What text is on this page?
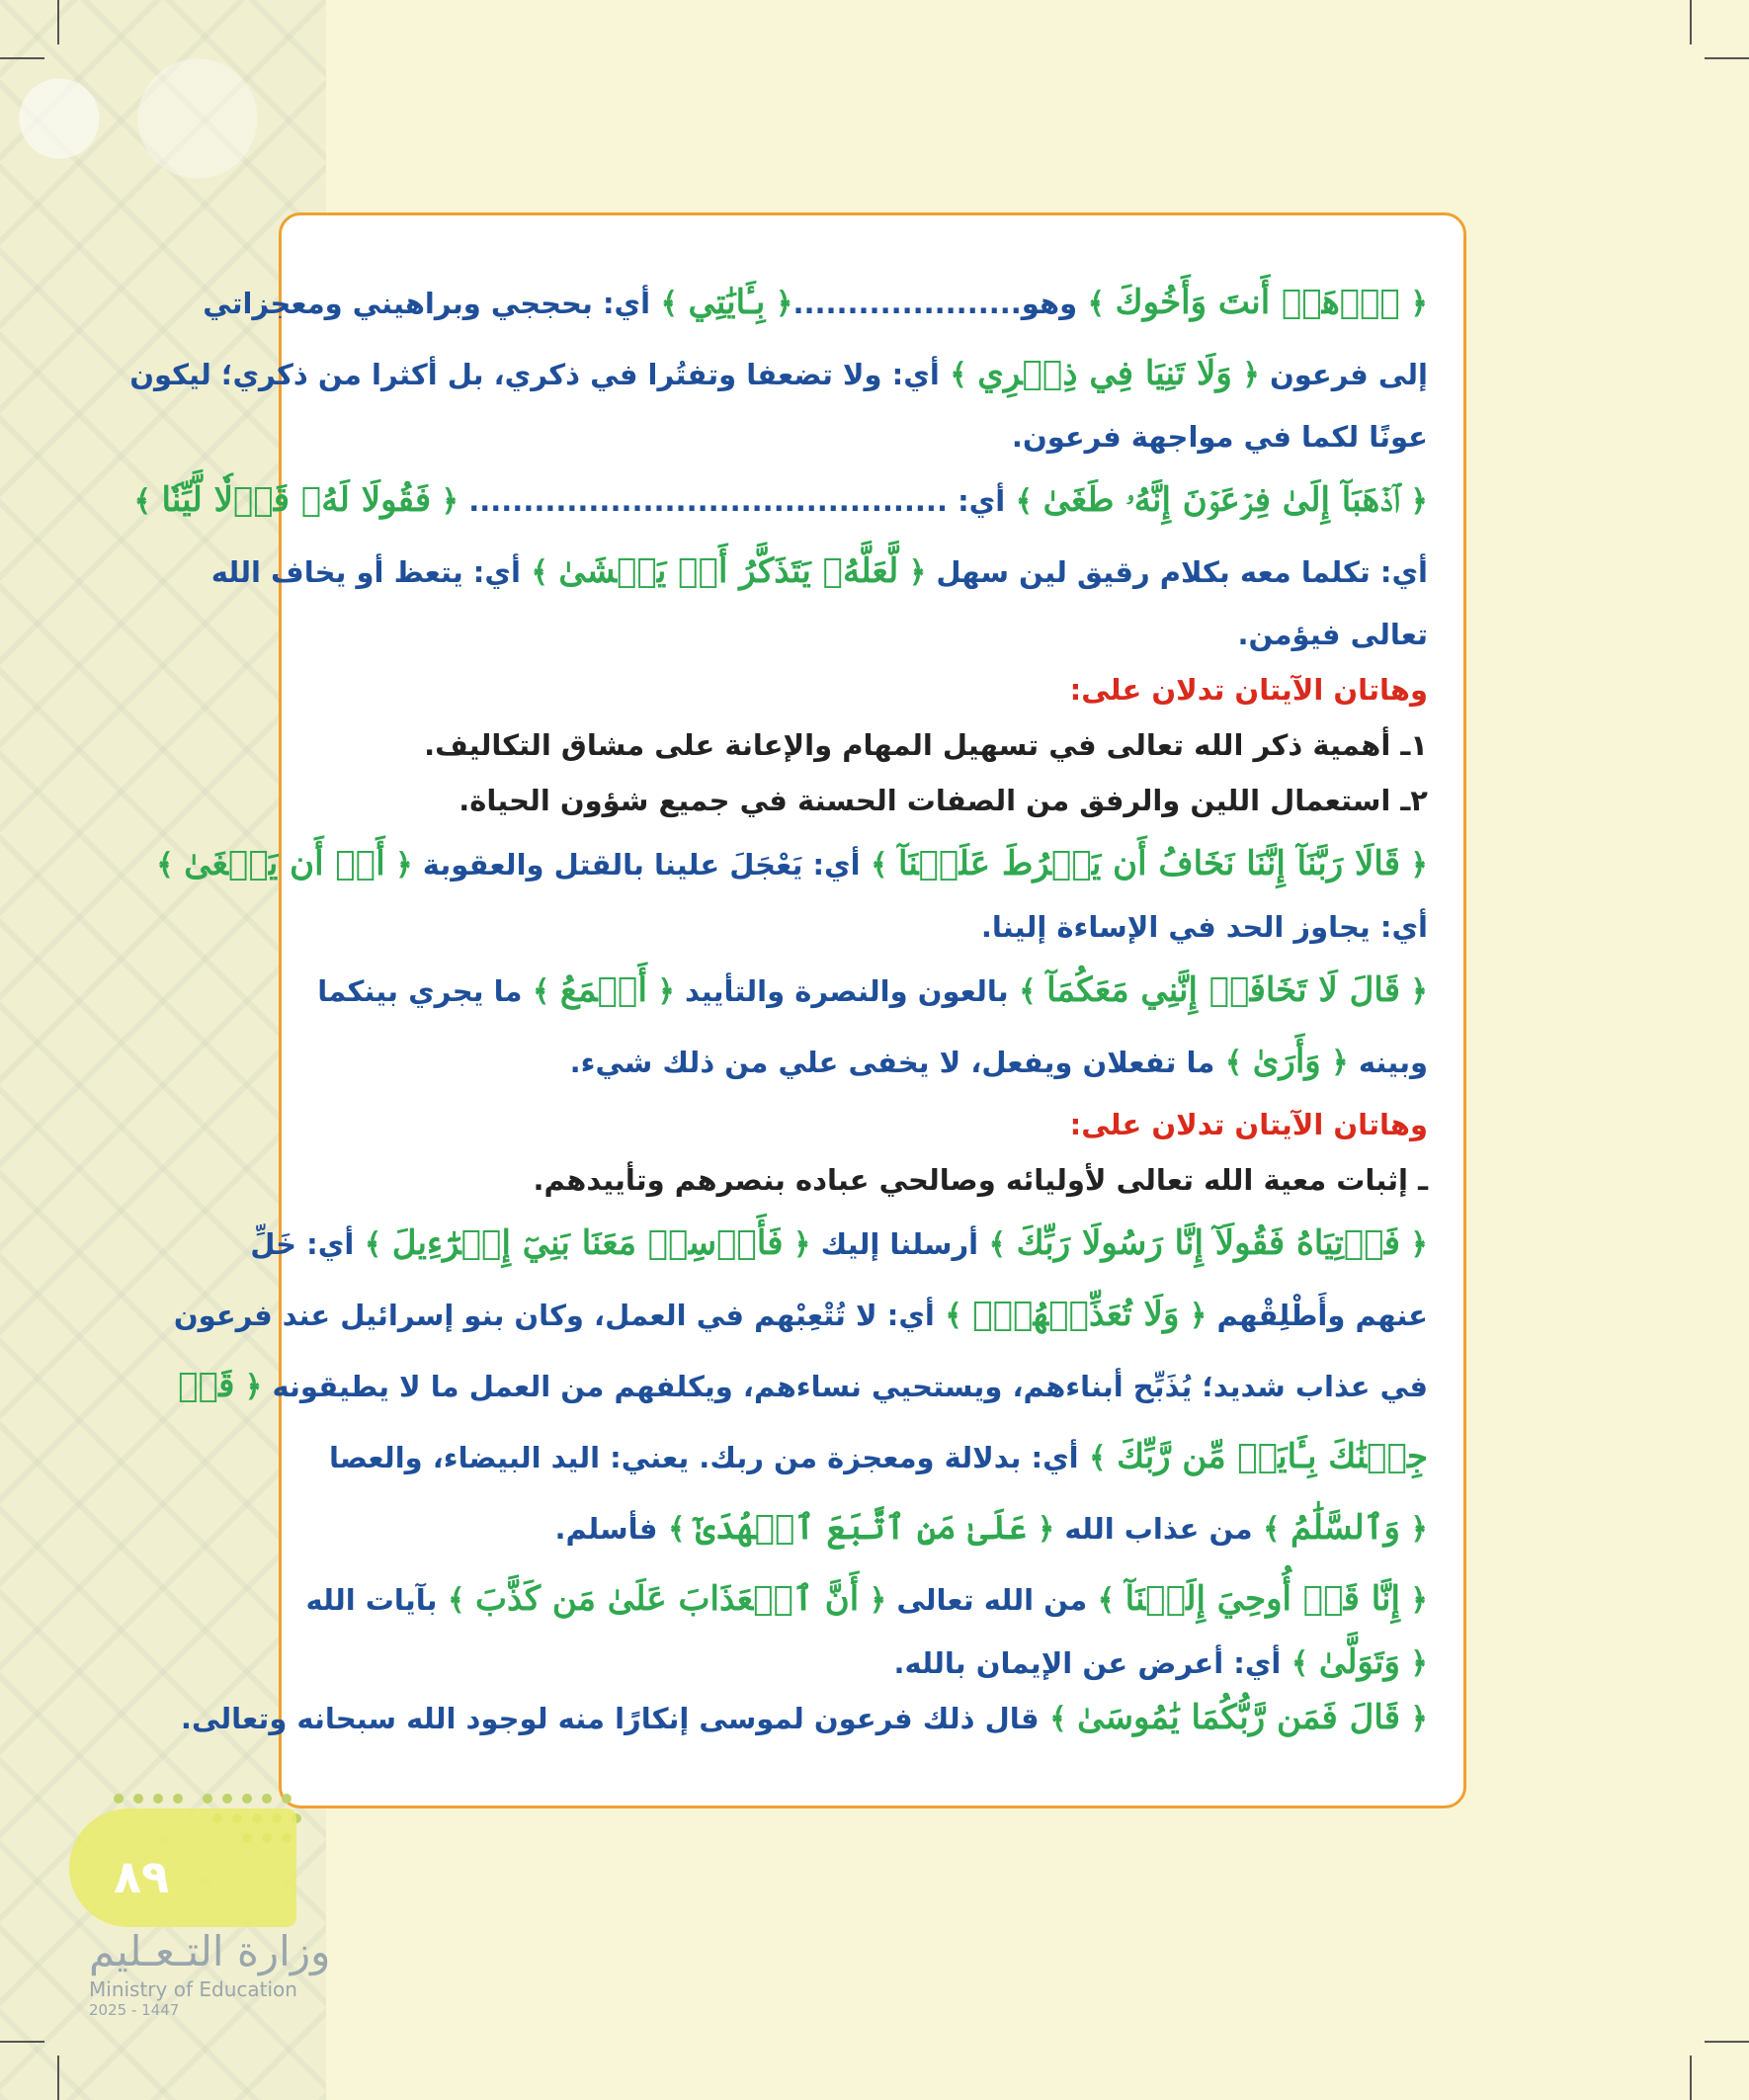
﴿ ٱذۡهَبۡ أَنتَ وَأَخُوكَ ﴾ وهو.....................﴿ بِـَٔايَٰتِي ﴾ أي: بحججي وبراهيني ومعجزاتي
إلى فرعون ﴿ وَلَا تَنِيَا فِي ذِكۡرِي ﴾ أي: ولا تضعفا وتفتُرا في ذكري، بل أكثرا من ذكري؛ ليكون
عونًا لكما في مواجهة فرعون.
﴿ ٱذۡهَبَآ إِلَىٰ فِرۡعَوۡنَ إِنَّهُۥ طَغَىٰ ﴾ أي: ............................................ ﴿ فَقُولَا لَهُۥ قَوۡلٗا لَّيِّنٗا ﴾
أي: تكلما معه بكلام رقيق لين سهل ﴿ لَّعَلَّهُۥ يَتَذَكَّرُ أَوۡ يَخۡشَىٰ ﴾ أي: يتعظ أو يخاف الله
تعالى فيؤمن.
وهاتان الآيتان تدلان على:
١ـ أهمية ذكر الله تعالى في تسهيل المهام والإعانة على مشاق التكاليف.
٢ـ استعمال اللين والرفق من الصفات الحسنة في جميع شؤون الحياة.
﴿ قَالَا رَبَّنَآ إِنَّنَا نَخَافُ أَن يَفۡرُطَ عَلَيۡنَآ ﴾ أي: يَعْجَلَ علينا بالقتل والعقوبة ﴿ أَوۡ أَن يَطۡغَىٰ ﴾
أي: يجاوز الحد في الإساءة إلينا.
﴿ قَالَ لَا تَخَافَآۖ إِنَّنِي مَعَكُمَآ ﴾ بالعون والنصرة والتأييد ﴿ أَسۡمَعُ ﴾ ما يجري بينكما
وبينه ﴿ وَأَرَىٰ ﴾ ما تفعلان ويفعل، لا يخفى علي من ذلك شيء.
وهاتان الآيتان تدلان على:
ـ إثبات معية الله تعالى لأوليائه وصالحي عباده بنصرهم وتأييدهم.
﴿ فَأۡتِيَاهُ فَقُولَآ إِنَّا رَسُولَا رَبِّكَ ﴾ أرسلنا إليك ﴿ فَأَرۡسِلۡ مَعَنَا بَنِيٓ إِسۡرَٰٓءِيلَ ﴾ أي: خَلِّ
عنهم وأَطْلِقْهم ﴿ وَلَا تُعَذِّبۡهُمۡۖ ﴾ أي: لا تُتْعِبْهم في العمل، وكان بنو إسرائيل عند فرعون
في عذاب شديد؛ يُذَبِّح أبناءهم، ويستحيي نساءهم، ويكلفهم من العمل ما لا يطيقونه ﴿ قَدۡ
جِئۡنَٰكَ بِـَٔايَةٖ مِّن رَّبِّكَ ﴾ أي: بدلالة ومعجزة من ربك. يعني: اليد البيضاء، والعصا
﴿ وَٱلسَّلَٰمُ ﴾ من عذاب الله ﴿ عَلَىٰ مَنِ ٱتَّبَعَ ٱلۡهُدَىٰٓ ﴾ فأسلم.
﴿ إِنَّا قَدۡ أُوحِيَ إِلَيۡنَآ ﴾ من الله تعالى ﴿ أَنَّ ٱلۡعَذَابَ عَلَىٰ مَن كَذَّبَ ﴾ بآيات الله
﴿ وَتَوَلَّىٰ ﴾ أي: أعرض عن الإيمان بالله.
﴿ قَالَ فَمَن رَّبُّكُمَا يَٰمُوسَىٰ ﴾ قال ذلك فرعون لموسى إنكارًا منه لوجود الله سبحانه وتعالى.
٨٩
وزارة التـعـليم
Ministry of Education
2025 - 1447
